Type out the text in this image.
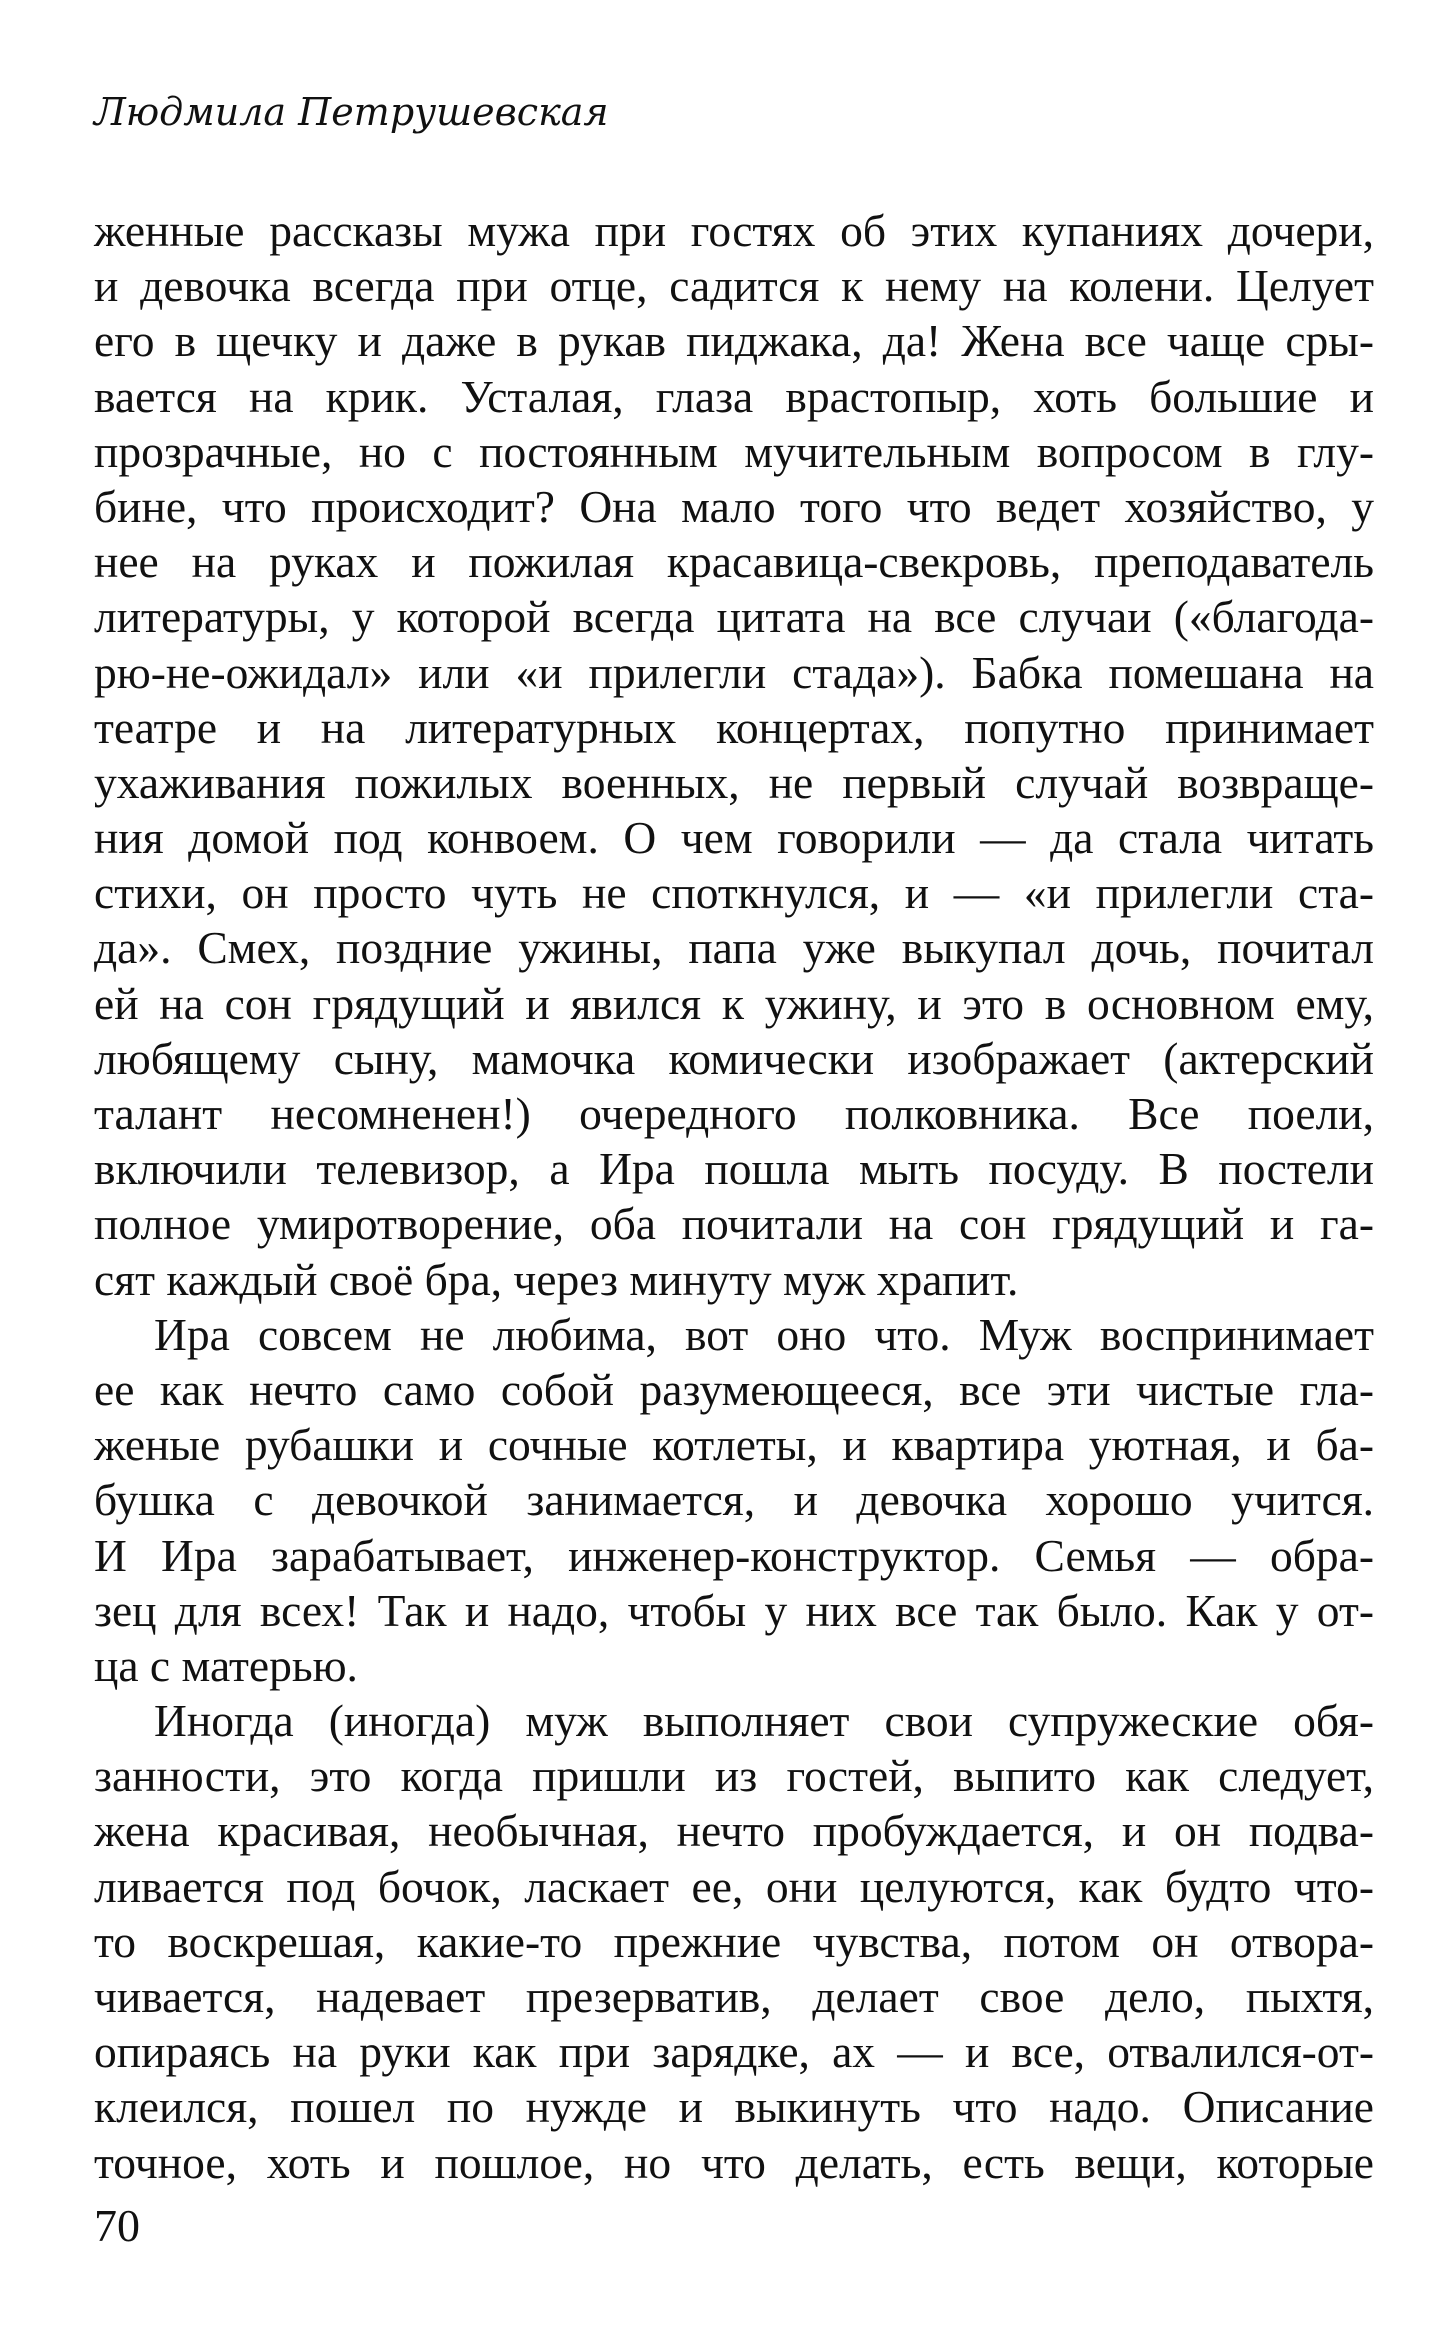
Людмила Петрушевская
женные рассказы мужа при гостях об этих купаниях дочери,
и девочка всегда при отце, садится к нему на колени. Целует
его в щечку и даже в рукав пиджака, да! Жена все чаще сры-
вается на крик. Усталая, глаза врастопыр, хоть большие и
прозрачные, но с постоянным мучительным вопросом в глу-
бине, что происходит? Она мало того что ведет хозяйство, у
нее на руках и пожилая красавица-свекровь, преподаватель
литературы, у которой всегда цитата на все случаи («благода-
рю-не-ожидал» или «и прилегли стада»). Бабка помешана на
театре и на литературных концертах, попутно принимает
ухаживания пожилых военных, не первый случай возвраще-
ния домой под конвоем. О чем говорили — да стала читать
стихи, он просто чуть не споткнулся, и — «и прилегли ста-
да». Смех, поздние ужины, папа уже выкупал дочь, почитал
ей на сон грядущий и явился к ужину, и это в основном ему,
любящему сыну, мамочка комически изображает (актерский
талант несомненен!) очередного полковника. Все поели,
включили телевизор, а Ира пошла мыть посуду. В постели
полное умиротворение, оба почитали на сон грядущий и га-
сят каждый своё бра, через минуту муж храпит.
Ира совсем не любима, вот оно что. Муж воспринимает
ее как нечто само собой разумеющееся, все эти чистые гла-
женые рубашки и сочные котлеты, и квартира уютная, и ба-
бушка с девочкой занимается, и девочка хорошо учится.
И Ира зарабатывает, инженер-конструктор. Семья — обра-
зец для всех! Так и надо, чтобы у них все так было. Как у от-
ца с матерью.
Иногда (иногда) муж выполняет свои супружеские обя-
занности, это когда пришли из гостей, выпито как следует,
жена красивая, необычная, нечто пробуждается, и он подва-
ливается под бочок, ласкает ее, они целуются, как будто что-
то воскрешая, какие-то прежние чувства, потом он отвора-
чивается, надевает презерватив, делает свое дело, пыхтя,
опираясь на руки как при зарядке, ах — и все, отвалился-от-
клеился, пошел по нужде и выкинуть что надо. Описание
точное, хоть и пошлое, но что делать, есть вещи, которые
70
